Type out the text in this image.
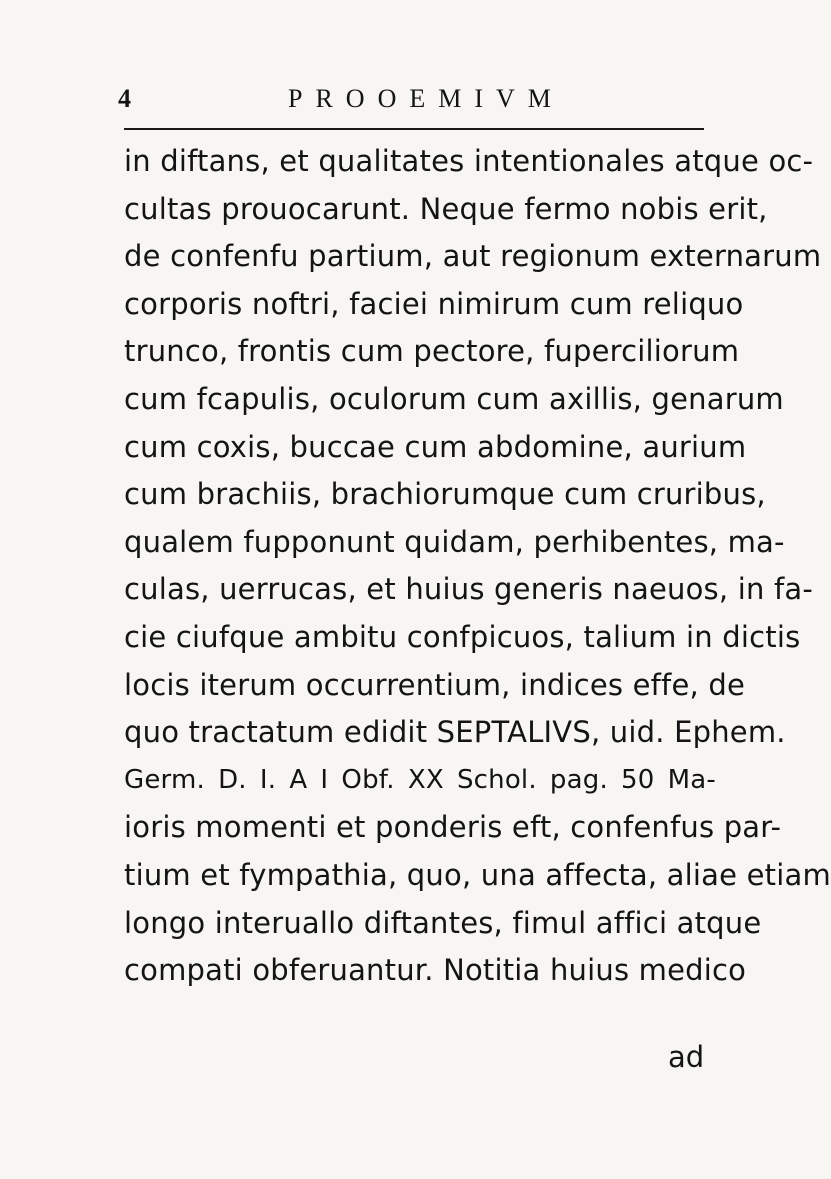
4	PROOEMIVM
in diftans, et qualitates intentionales atque oc-
cultas prouocarunt. Neque fermo nobis erit,
de confenfu partium, aut regionum externarum
corporis noftri, faciei nimirum cum reliquo
trunco, frontis cum pectore, fuperciliorum
cum fcapulis, oculorum cum axillis, genarum
cum coxis, buccae cum abdomine, aurium
cum brachiis, brachiorumque cum cruribus,
qualem fupponunt quidam, perhibentes, ma-
culas, uerrucas, et huius generis naeuos, in fa-
cie ciufque ambitu confpicuos, talium in dictis
locis iterum occurrentium, indices effe, de
quo tractatum edidit SEPTALIVS, uid. Ephem.
Germ. D. I. A I Obf. XX Schol. pag. 50 Ma-
ioris momenti et ponderis eft, confenfus par-
tium et fympathia, quo, una affecta, aliae etiam
longo interuallo diftantes, fimul affici atque
compati obferuantur. Notitia huius medico
ad
